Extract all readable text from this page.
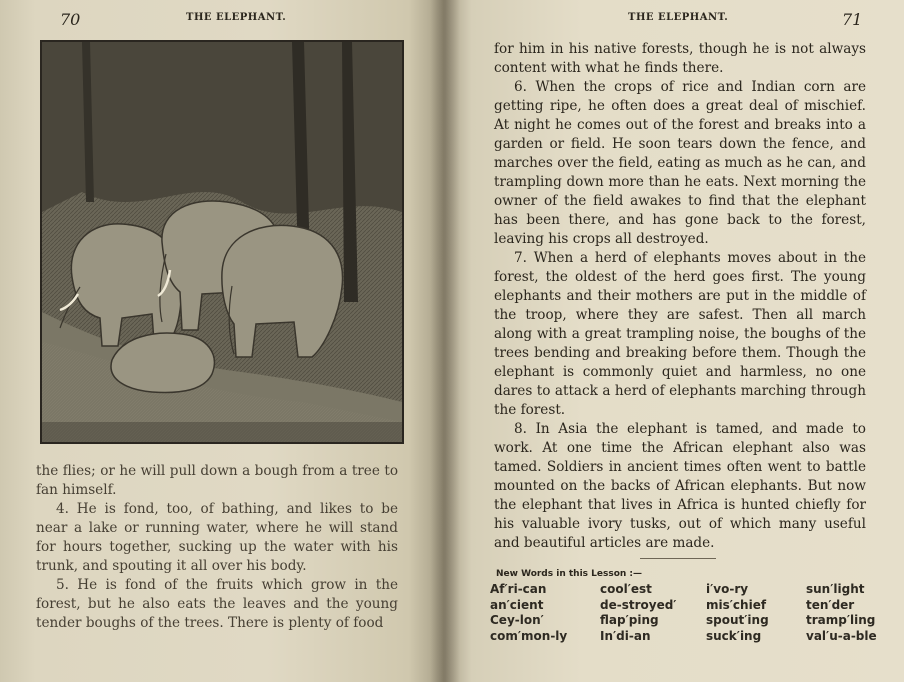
70	THE ELEPHANT.

the flies; or he will pull down a bough from a tree to fan himself.

4. He is fond, too, of bathing, and likes to be near a lake or running water, where he will stand for hours together, sucking up the water with his trunk, and spouting it all over his body.

5. He is fond of the fruits which grow in the forest, but he also eats the leaves and the young tender boughs of the trees. There is plenty of food

THE ELEPHANT.	71

for him in his native forests, though he is not always content with what he finds there.

6. When the crops of rice and Indian corn are getting ripe, he often does a great deal of mischief. At night he comes out of the forest and breaks into a garden or field. He soon tears down the fence, and marches over the field, eating as much as he can, and trampling down more than he eats. Next morning the owner of the field awakes to find that the elephant has been there, and has gone back to the forest, leaving his crops all destroyed.

7. When a herd of elephants moves about in the forest, the oldest of the herd goes first. The young elephants and their mothers are put in the middle of the troop, where they are safest. Then all march along with a great trampling noise, the boughs of the trees bending and breaking before them. Though the elephant is commonly quiet and harmless, no one dares to attack a herd of elephants marching through the forest.

8. In Asia the elephant is tamed, and made to work. At one time the African elephant also was tamed. Soldiers in ancient times often went to battle mounted on the backs of African elephants. But now the elephant that lives in Africa is hunted chiefly for his valuable ivory tusks, out of which many useful and beautiful articles are made.

New Words in this Lesson :—
Af′ri-can	cool′est	i′vo-ry	sun′light
an′cient	de-stroyed′	mis′chief	ten′der
Cey-lon′	flap′ping	spout′ing	tramp′ling
com′mon-ly	In′di-an	suck′ing	val′u-a-ble
